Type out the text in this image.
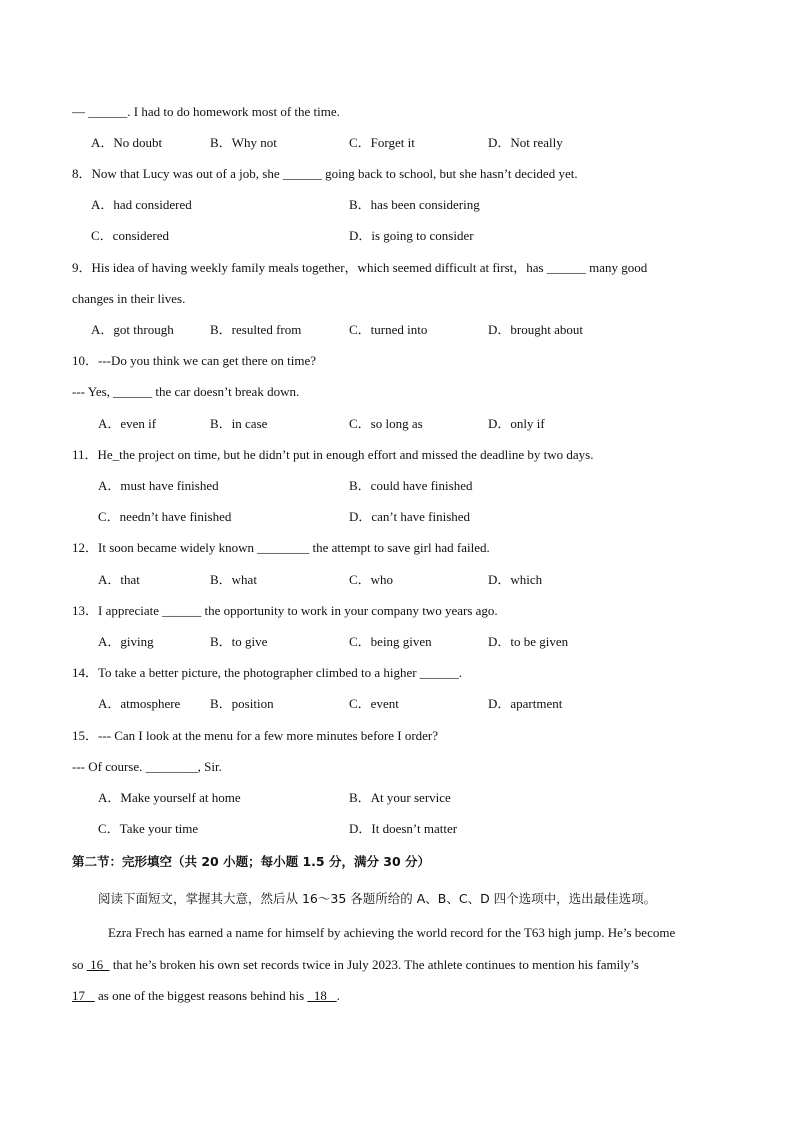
— ______. I had to do homework most of the time.
A．No doubt	B．Why not	C．Forget it	D．Not really
8．Now that Lucy was out of a job, she ______ going back to school, but she hasn’t decided yet.
A．had considered	B．has been considering
C．considered	D．is going to consider
9．His idea of having weekly family meals together，which seemed difficult at first，has ______ many good
changes in their lives.
A．got through	B．resulted from	C．turned into	D．brought about
10．---Do you think we can get there on time?
--- Yes, ______ the car doesn’t break down.
A．even if	B．in case	C．so long as	D．only if
11．He_the project on time, but he didn’t put in enough effort and missed the deadline by two days.
A．must have finished	B．could have finished
C．needn’t have finished	D．can’t have finished
12．It soon became widely known ________ the attempt to save girl had failed.
A．that	B．what	C．who	D．which
13．I appreciate ______ the opportunity to work in your company two years ago.
A．giving	B．to give	C．being given	D．to be given
14．To take a better picture, the photographer climbed to a higher ______.
A．atmosphere B．position	C．event	D．apartment
15．--- Can I look at the menu for a few more minutes before I order?
--- Of course. ________, Sir.
A．Make yourself at home	B．At your service
C．Take your time	D．It doesn’t matter
第二节：完形填空（共 20 小题；每小题 1.5 分，满分 30 分）
阅读下面短文，掌握其大意，然后从 16～35 各题所给的 A、B、C、D 四个选项中，选出最佳选项。
Ezra Frech has earned a name for himself by achieving the world record for the T63 high jump. He’s become
so  16   that he’s broken his own set records twice in July 2023. The athlete continues to mention his family’s
17    as one of the biggest reasons behind his   18   .
